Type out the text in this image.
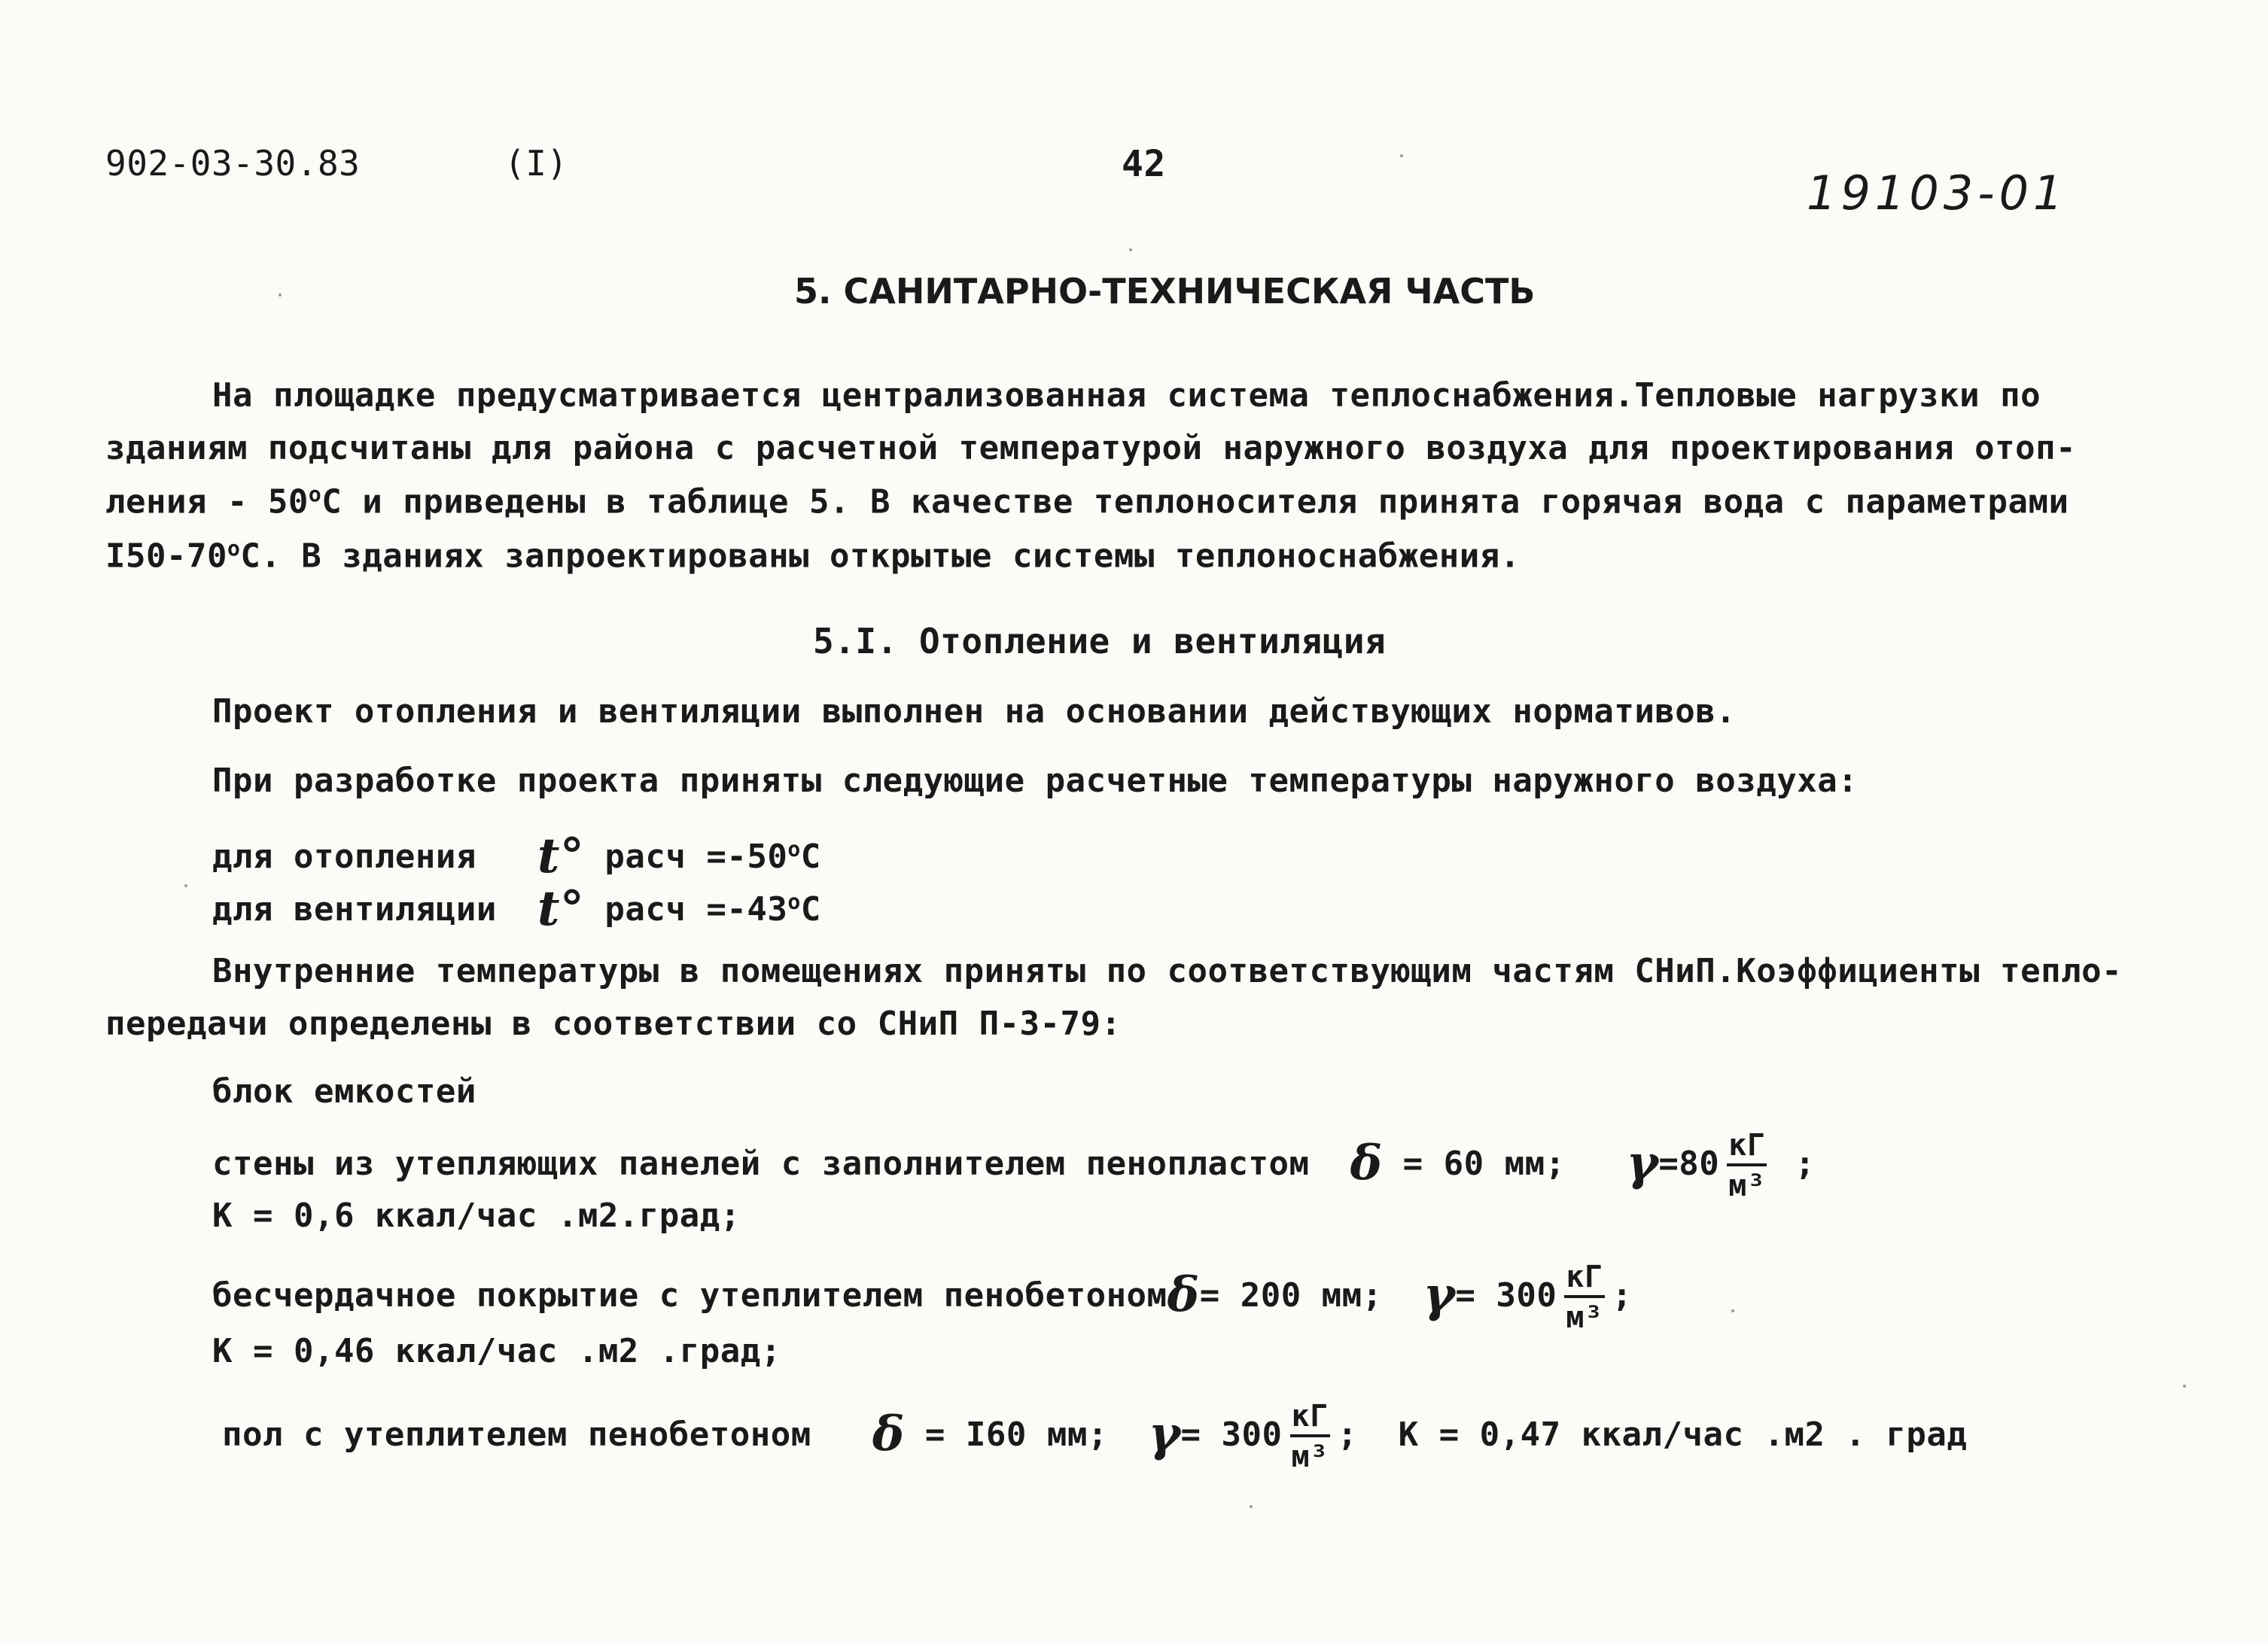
902-03-30.83	(I)	42
19103-01
5. САНИТАРНО-ТЕХНИЧЕСКАЯ ЧАСТЬ
На площадке предусматривается централизованная система теплоснабжения.Тепловые нагрузки по
зданиям подсчитаны для района с расчетной температурой наружного воздуха для проектирования отоп-
ления - $50^оС$ и приведены в таблице 5. В качестве теплоносителя принята горячая вода с параметрами
$I50-70^оС$. В зданиях запроектированы открытые системы теплоноснабжения.
5.I. Отопление и вентиляция
Проект отопления и вентиляции выполнен на основании действующих нормативов.
При разработке проекта приняты следующие расчетные температуры наружного воздуха:
для отопления t° расч $=-50^оС$
для вентиляции t° расч $=-43^оС$
Внутренние температуры в помещениях приняты по соответствующим частям СНиП.Коэффициенты тепло-
передачи определены в соответствии со СНиП П-3-79:
блок емкостей
стены из утепляющих панелей с заполнителем пенопластом δ = 60 мм; $\gamma=80 \frac{кГ}{\text{м³}}$ ;
К = 0,6 ккал/час .м2.град;
бесчердачное покрытие с утеплителем пенобетономδ= 200 мм; $\gamma= 300 \frac{кГ}{\text{м³}}$ ;
К = 0,46 ккал/час .м2 .град;
пол с утеплителем пенобетоном δ = I60 мм; $\gamma= 300 \frac{кГ}{\text{м³}}$ ; К = 0,47 ккал/час .м2 . град
